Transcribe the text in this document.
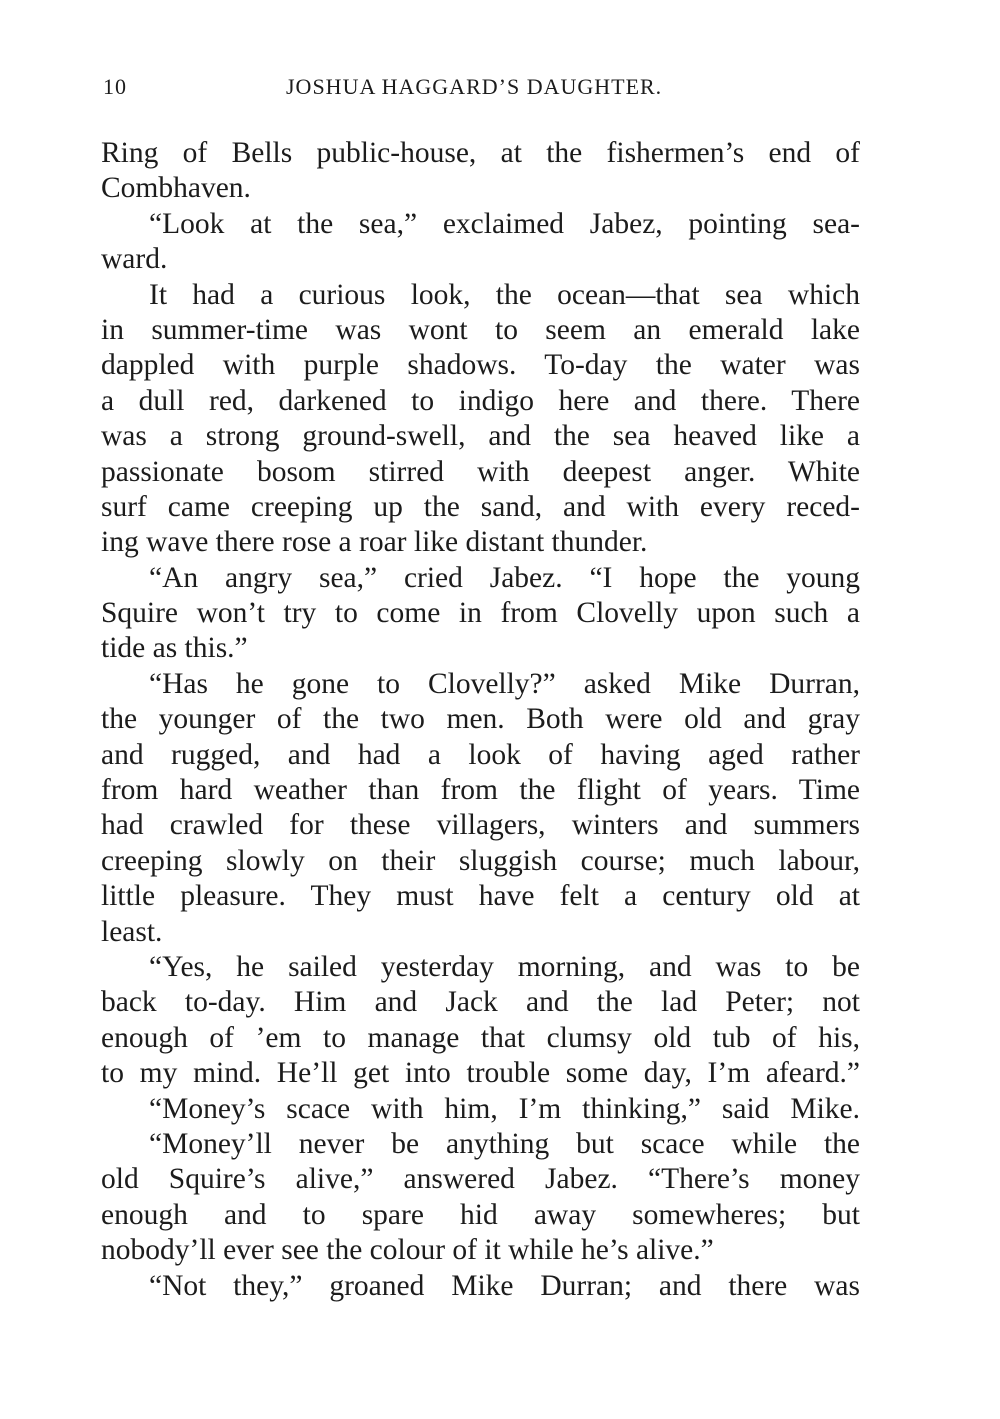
10	JOSHUA HAGGARD’S DAUGHTER.
Ring of Bells public-house, at the fishermen’s end of
Combhaven.
“Look at the sea,” exclaimed Jabez, pointing sea-
ward.
It had a curious look, the ocean—that sea which
in summer-time was wont to seem an emerald lake
dappled with purple shadows. To-day the water was
a dull red, darkened to indigo here and there. There
was a strong ground-swell, and the sea heaved like a
passionate bosom stirred with deepest anger. White
surf came creeping up the sand, and with every reced-
ing wave there rose a roar like distant thunder.
“An angry sea,” cried Jabez. “I hope the young
Squire won’t try to come in from Clovelly upon such a
tide as this.”
“Has he gone to Clovelly?” asked Mike Durran,
the younger of the two men. Both were old and gray
and rugged, and had a look of having aged rather
from hard weather than from the flight of years. Time
had crawled for these villagers, winters and summers
creeping slowly on their sluggish course; much labour,
little pleasure. They must have felt a century old at
least.
“Yes, he sailed yesterday morning, and was to be
back to-day. Him and Jack and the lad Peter; not
enough of ’em to manage that clumsy old tub of his,
to my mind. He’ll get into trouble some day, I’m afeard.”
“Money’s scace with him, I’m thinking,” said Mike.
“Money’ll never be anything but scace while the
old Squire’s alive,” answered Jabez. “There’s money
enough and to spare hid away somewheres; but
nobody’ll ever see the colour of it while he’s alive.”
“Not they,” groaned Mike Durran; and there was
